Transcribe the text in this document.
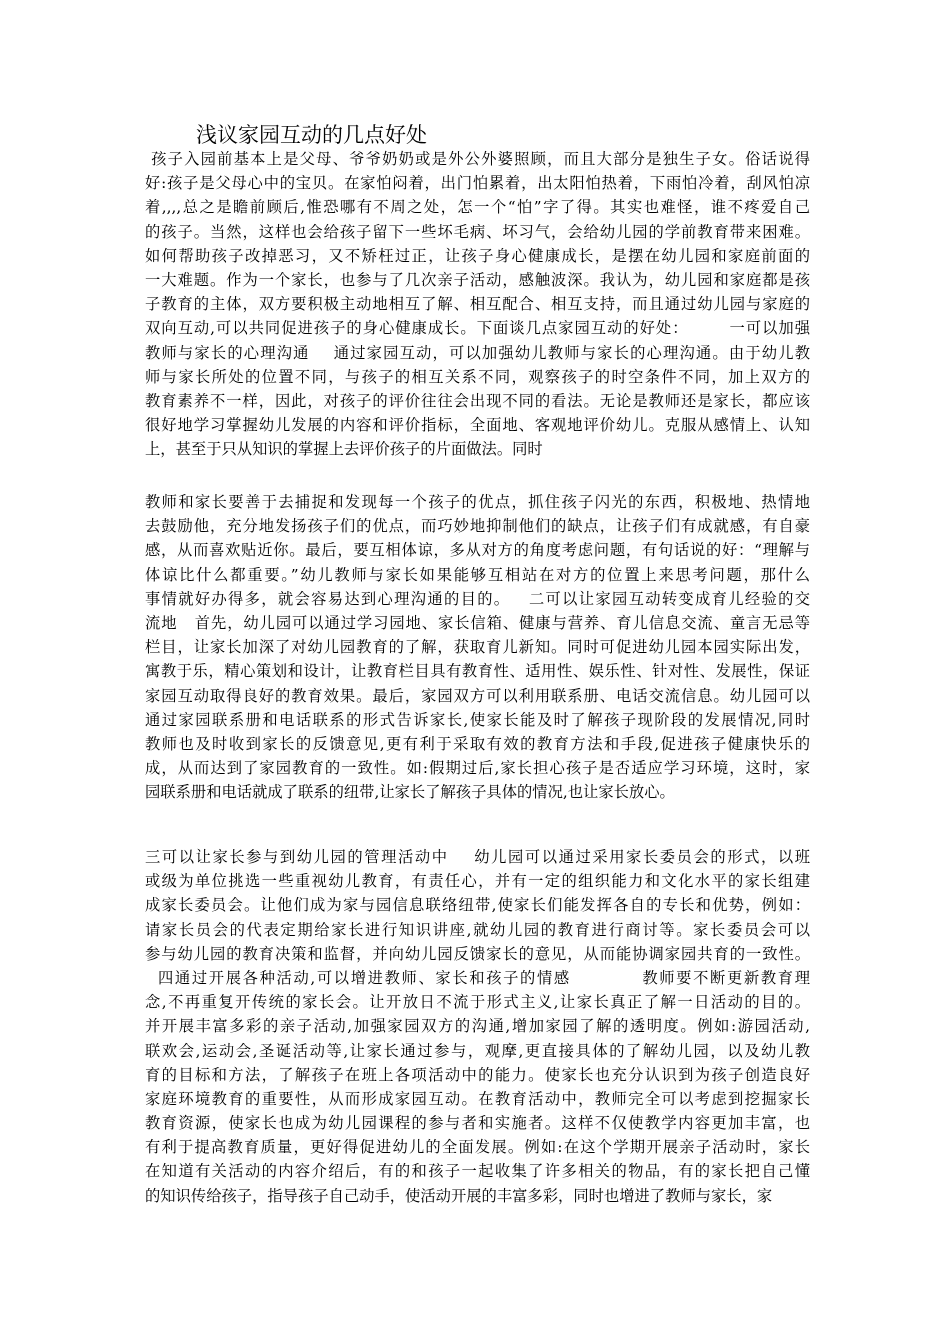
浅议家园互动的几点好处
孩子入园前基本上是父母、爷爷奶奶或是外公外婆照顾，而且大部分是独生子女。俗话说得
好:孩子是父母心中的宝贝。在家怕闷着，出门怕累着，出太阳怕热着，下雨怕冷着，刮风怕凉
着,,,,总之是瞻前顾后,惟恐哪有不周之处，怎一个“怕”字了得。其实也难怪，谁不疼爱自己
的孩子。当然，这样也会给孩子留下一些坏毛病、坏习气，会给幼儿园的学前教育带来困难。
如何帮助孩子改掉恶习，又不矫枉过正，让孩子身心健康成长，是摆在幼儿园和家庭前面的
一大难题。作为一个家长，也参与了几次亲子活动，感触波深。我认为，幼儿园和家庭都是孩
子教育的主体，双方要积极主动地相互了解、相互配合、相互支持，而且通过幼儿园与家庭的
双向互动,可以共同促进孩子的身心健康成长。下面谈几点家园互动的好处：       一可以加强
教师与家长的心理沟通    通过家园互动，可以加强幼儿教师与家长的心理沟通。由于幼儿教
师与家长所处的位置不同，与孩子的相互关系不同，观察孩子的时空条件不同，加上双方的
教育素养不一样，因此，对孩子的评价往往会出现不同的看法。无论是教师还是家长，都应该
很好地学习掌握幼儿发展的内容和评价指标，全面地、客观地评价幼儿。克服从感情上、认知
上，甚至于只从知识的掌握上去评价孩子的片面做法。同时
教师和家长要善于去捕捉和发现每一个孩子的优点，抓住孩子闪光的东西，积极地、热情地
去鼓励他，充分地发扬孩子们的优点，而巧妙地抑制他们的缺点，让孩子们有成就感，有自豪
感，从而喜欢贴近你。最后，要互相体谅，多从对方的角度考虑问题，有句话说的好：“理解与
体谅比什么都重要。”幼儿教师与家长如果能够互相站在对方的位置上来思考问题，那什么
事情就好办得多，就会容易达到心理沟通的目的。   二可以让家园互动转变成育儿经验的交
流地   首先，幼儿园可以通过学习园地、家长信箱、健康与营养、育儿信息交流、童言无忌等
栏目，让家长加深了对幼儿园教育的了解，获取育儿新知。同时可促进幼儿园本园实际出发，
寓教于乐，精心策划和设计，让教育栏目具有教育性、适用性、娱乐性、针对性、发展性，保证
家园互动取得良好的教育效果。最后，家园双方可以利用联系册、电话交流信息。幼儿园可以
通过家园联系册和电话联系的形式告诉家长,使家长能及时了解孩子现阶段的发展情况,同时
教师也及时收到家长的反馈意见,更有利于采取有效的教育方法和手段,促进孩子健康快乐的
成，从而达到了家园教育的一致性。如:假期过后,家长担心孩子是否适应学习环境，这时，家
园联系册和电话就成了联系的纽带,让家长了解孩子具体的情况,也让家长放心。
三可以让家长参与到幼儿园的管理活动中    幼儿园可以通过采用家长委员会的形式，以班
或级为单位挑选一些重视幼儿教育，有责任心，并有一定的组织能力和文化水平的家长组建
成家长委员会。让他们成为家与园信息联络纽带,使家长们能发挥各自的专长和优势，例如：
请家长员会的代表定期给家长进行知识讲座,就幼儿园的教育进行商讨等。家长委员会可以
参与幼儿园的教育决策和监督，并向幼儿园反馈家长的意见，从而能协调家园共育的一致性。
四通过开展各种活动,可以增进教师、家长和孩子的情感           教师要不断更新教育理
念,不再重复开传统的家长会。让开放日不流于形式主义,让家长真正了解一日活动的目的。
并开展丰富多彩的亲子活动,加强家园双方的沟通,增加家园了解的透明度。例如:游园活动,
联欢会,运动会,圣诞活动等,让家长通过参与，观摩,更直接具体的了解幼儿园，以及幼儿教
育的目标和方法，了解孩子在班上各项活动中的能力。使家长也充分认识到为孩子创造良好
家庭环境教育的重要性，从而形成家园互动。在教育活动中，教师完全可以考虑到挖掘家长
教育资源，使家长也成为幼儿园课程的参与者和实施者。这样不仅使教学内容更加丰富，也
有利于提高教育质量，更好得促进幼儿的全面发展。例如:在这个学期开展亲子活动时，家长
在知道有关活动的内容介绍后，有的和孩子一起收集了许多相关的物品，有的家长把自己懂
的知识传给孩子，指导孩子自己动手，使活动开展的丰富多彩，同时也增进了教师与家长，家
